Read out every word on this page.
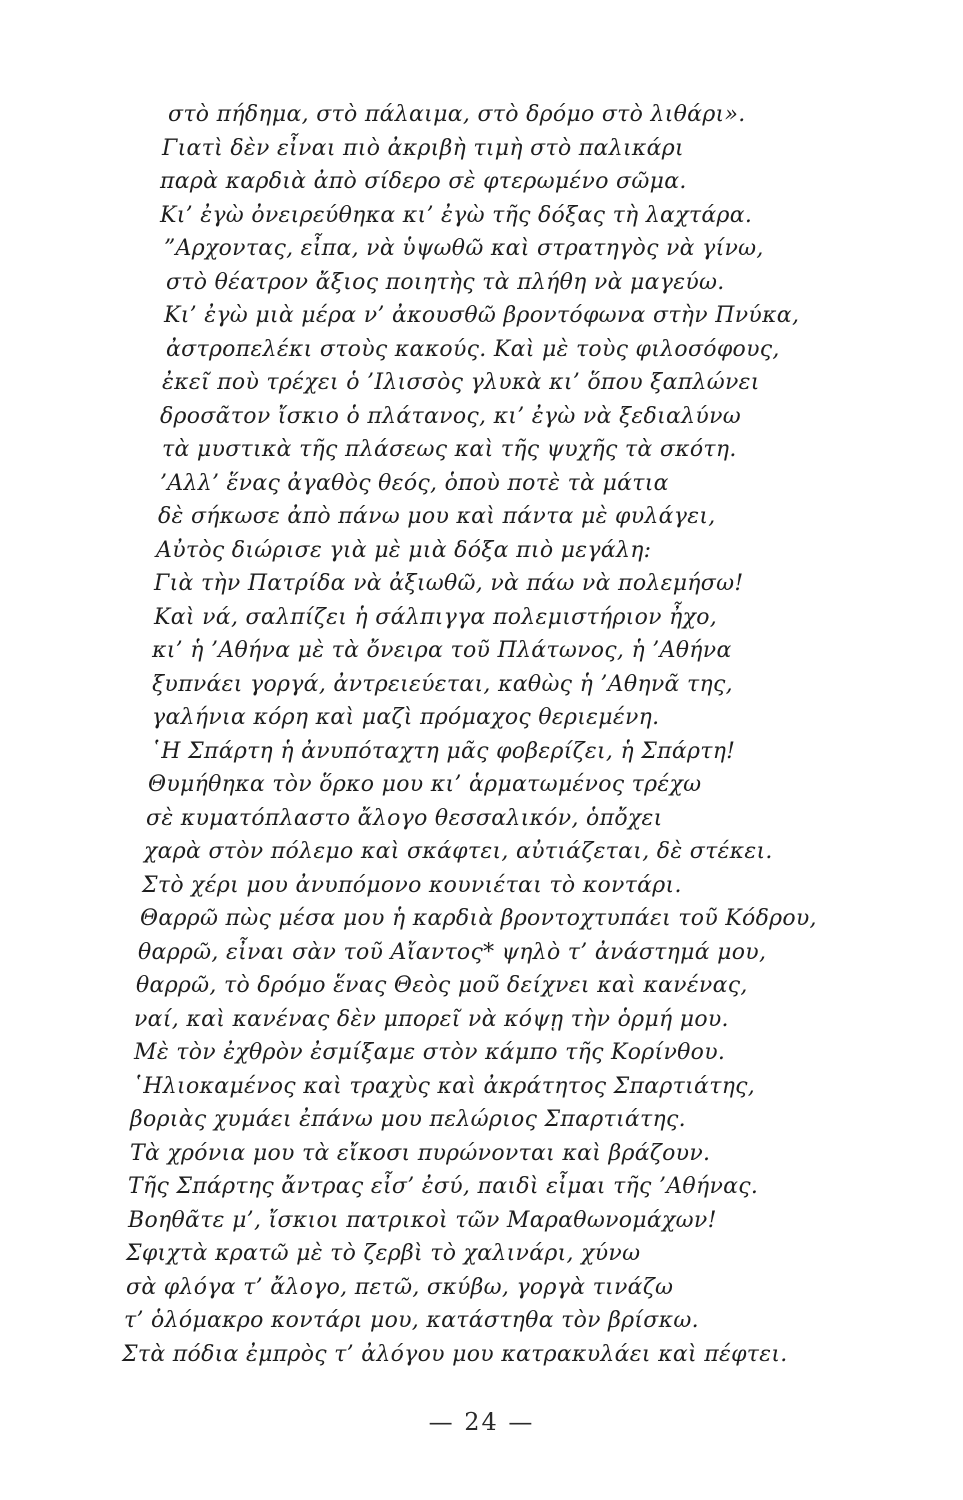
στὸ πήδημα, στὸ πάλαιμα, στὸ δρόμο στὸ λιθάρι».
Γιατὶ δὲν εἶναι πιὸ ἀκριβὴ τιμὴ στὸ παλικάρι
παρὰ καρδιὰ ἀπὸ σίδερο σὲ φτερωμένο σῶμα.
Κι’ ἐγὼ ὀνειρεύθηκα κι’ ἐγὼ τῆς δόξας τὴ λαχτάρα.
”Αρχοντας, εἶπα, νὰ ὑψωθῶ καὶ στρατηγὸς νὰ γίνω,
στὸ θέατρον ἄξιος ποιητὴς τὰ πλήθη νὰ μαγεύω.
Κι’ ἐγὼ μιὰ μέρα ν’ ἀκουσθῶ βροντόφωνα στὴν Πνύκα,
ἀστροπελέκι στοὺς κακούς. Καὶ μὲ τοὺς φιλοσόφους,
ἐκεῖ ποὺ τρέχει ὁ ’Ιλισσὸς γλυκὰ κι’ ὅπου ξαπλώνει
δροσᾶτον ἴσκιο ὁ πλάτανος, κι’ ἐγὼ νὰ ξεδιαλύνω
τὰ μυστικὰ τῆς πλάσεως καὶ τῆς ψυχῆς τὰ σκότη.
’Αλλ’ ἕνας ἀγαθὸς θεός, ὁποὺ ποτὲ τὰ μάτια
δὲ σήκωσε ἀπὸ πάνω μου καὶ πάντα μὲ φυλάγει,
Αὐτὸς διώρισε γιὰ μὲ μιὰ δόξα πιὸ μεγάλη:
Γιὰ τὴν Πατρίδα νὰ ἀξιωθῶ, νὰ πάω νὰ πολεμήσω!
Καὶ νά, σαλπίζει ἡ σάλπιγγα πολεμιστήριον ἦχο,
κι’ ἡ ’Αθήνα μὲ τὰ ὄνειρα τοῦ Πλάτωνος, ἡ ’Αθήνα
ξυπνάει γοργά, ἀντρειεύεται, καθὼς ἡ ’Αθηνᾶ της,
γαλήνια κόρη καὶ μαζὶ πρόμαχος θεριεμένη.
῾Η Σπάρτη ἡ ἀνυπόταχτη μᾶς φοβερίζει, ἡ Σπάρτη!
Θυμήθηκα τὸν ὅρκο μου κι’ ἁρματωμένος τρέχω
σὲ κυματόπλαστο ἄλογο θεσσαλικόν, ὁπὄχει
χαρὰ στὸν πόλεμο καὶ σκάφτει, αὐτιάζεται, δὲ στέκει.
Στὸ χέρι μου ἀνυπόμονο κουνιέται τὸ κοντάρι.
Θαρρῶ πὼς μέσα μου ἡ καρδιὰ βροντοχτυπάει τοῦ Κόδρου,
θαρρῶ, εἶναι σὰν τοῦ Αἴαντος* ψηλὸ τ’ ἀνάστημά μου,
θαρρῶ, τὸ δρόμο ἕνας Θεὸς μοῦ δείχνει καὶ κανένας,
ναί, καὶ κανένας δὲν μπορεῖ νὰ κόψῃ τὴν ὁρμή μου.
Μὲ τὸν ἐχθρὸν ἐσμίξαμε στὸν κάμπο τῆς Κορίνθου.
῾Ηλιοκαμένος καὶ τραχὺς καὶ ἀκράτητος Σπαρτιάτης,
βοριὰς χυμάει ἐπάνω μου πελώριος Σπαρτιάτης.
Τὰ χρόνια μου τὰ εἴκοσι πυρώνονται καὶ βράζουν.
Τῆς Σπάρτης ἄντρας εἶσ’ ἐσύ, παιδὶ εἶμαι τῆς ’Αθήνας.
Βοηθᾶτε μ’, ἴσκιοι πατρικοὶ τῶν Μαραθωνομάχων!
Σφιχτὰ κρατῶ μὲ τὸ ζερβὶ τὸ χαλινάρι, χύνω
σὰ φλόγα τ’ ἄλογο, πετῶ, σκύβω, γοργὰ τινάζω
τ’ ὁλόμακρο κοντάρι μου, κατάστηθα τὸν βρίσκω.
Στὰ πόδια ἐμπρὸς τ’ ἀλόγου μου κατρακυλάει καὶ πέφτει.
— 24 —
